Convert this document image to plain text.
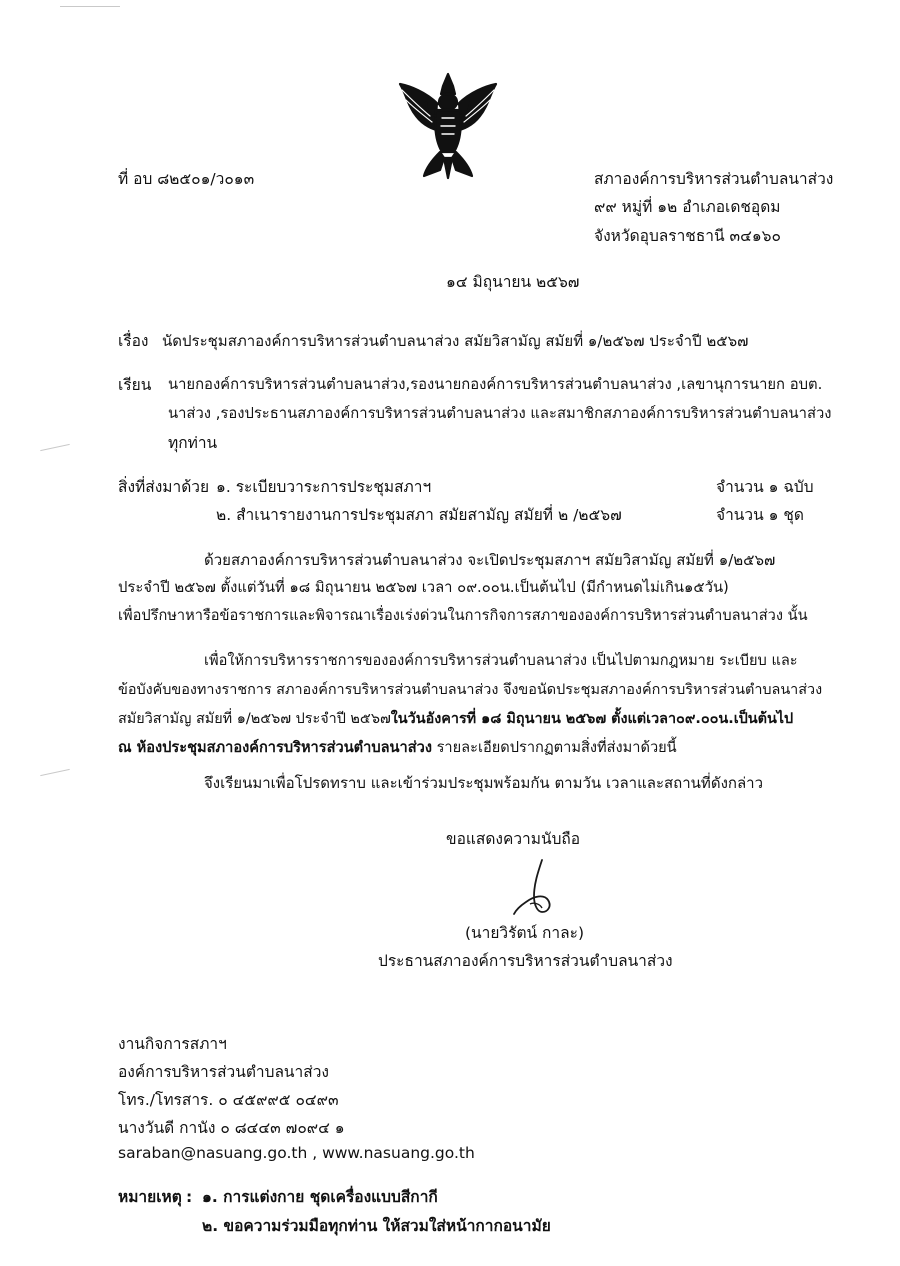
ที่ อบ ๘๒๕๐๑/ว๐๑๓	สภาองค์การบริหารส่วนตำบลนาส่วง
๙๙ หมู่ที่ ๑๒ อำเภอเดชอุดม
จังหวัดอุบลราชธานี ๓๔๑๖๐
๑๔ มิถุนายน ๒๕๖๗
เรื่อง นัดประชุมสภาองค์การบริหารส่วนตำบลนาส่วง สมัยวิสามัญ สมัยที่ ๑/๒๕๖๗ ประจำปี ๒๕๖๗
เรียน นายกองค์การบริหารส่วนตำบลนาส่วง,รองนายกองค์การบริหารส่วนตำบลนาส่วง ,เลขานุการนายก อบต.
นาส่วง ,รองประธานสภาองค์การบริหารส่วนตำบลนาส่วง และสมาชิกสภาองค์การบริหารส่วนตำบลนาส่วง
ทุกท่าน
สิ่งที่ส่งมาด้วย ๑. ระเบียบวาระการประชุมสภาฯ	จำนวน ๑ ฉบับ
๒. สำเนารายงานการประชุมสภา สมัยสามัญ สมัยที่ ๒ /๒๕๖๗	จำนวน ๑ ชุด
ด้วยสภาองค์การบริหารส่วนตำบลนาส่วง จะเปิดประชุมสภาฯ สมัยวิสามัญ สมัยที่ ๑/๒๕๖๗
ประจำปี ๒๕๖๗ ตั้งแต่วันที่ ๑๘ มิถุนายน ๒๕๖๗ เวลา ๐๙.๐๐น.เป็นต้นไป (มีกำหนดไม่เกิน๑๕วัน)
เพื่อปรึกษาหารือข้อราชการและพิจารณาเรื่องเร่งด่วนในการกิจการสภาขององค์การบริหารส่วนตำบลนาส่วง นั้น
เพื่อให้การบริหารราชการขององค์การบริหารส่วนตำบลนาส่วง เป็นไปตามกฎหมาย ระเบียบ และ
ข้อบังคับของทางราชการ สภาองค์การบริหารส่วนตำบลนาส่วง จึงขอนัดประชุมสภาองค์การบริหารส่วนตำบลนาส่วง
สมัยวิสามัญ สมัยที่ ๑/๒๕๖๗ ประจำปี ๒๕๖๗ในวันอังคารที่ ๑๘ มิถุนายน ๒๕๖๗ ตั้งแต่เวลา๐๙.๐๐น.เป็นต้นไป
ณ ห้องประชุมสภาองค์การบริหารส่วนตำบลนาส่วง รายละเอียดปรากฏตามสิ่งที่ส่งมาด้วยนี้
จึงเรียนมาเพื่อโปรดทราบ และเข้าร่วมประชุมพร้อมกัน ตามวัน เวลาและสถานที่ดังกล่าว
ขอแสดงความนับถือ
(นายวิรัตน์ กาละ)
ประธานสภาองค์การบริหารส่วนตำบลนาส่วง
งานกิจการสภาฯ
องค์การบริหารส่วนตำบลนาส่วง
โทร./โทรสาร. ๐ ๔๕๙๙๕ ๐๔๙๓
นางวันดี กานัง ๐ ๘๔๔๓ ๗๐๙๔ ๑
saraban@nasuang.go.th , www.nasuang.go.th
หมายเหตุ : ๑. การแต่งกาย ชุดเครื่องแบบสีกากี
๒. ขอความร่วมมือทุกท่าน ให้สวมใส่หน้ากากอนามัย
